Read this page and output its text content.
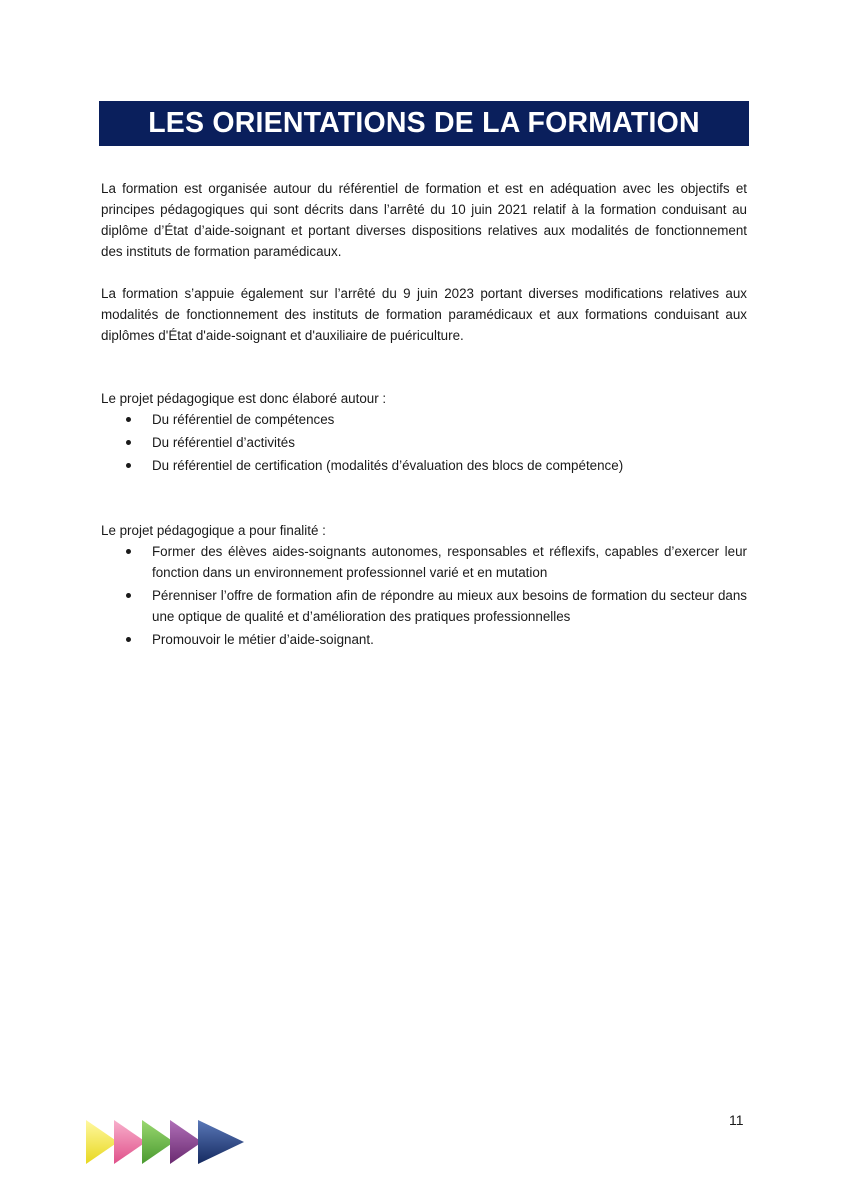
LES ORIENTATIONS DE LA FORMATION

La formation est organisée autour du référentiel de formation et est en adéquation avec les objectifs et principes pédagogiques qui sont décrits dans l’arrêté du 10 juin 2021 relatif à la formation conduisant au diplôme d’État d’aide-soignant et portant diverses dispositions relatives aux modalités de fonctionnement des instituts de formation paramédicaux.

La formation s’appuie également sur l’arrêté du 9 juin 2023 portant diverses modifications relatives aux modalités de fonctionnement des instituts de formation paramédicaux et aux formations conduisant aux diplômes d'État d'aide-soignant et d'auxiliaire de puériculture.

Le projet pédagogique est donc élaboré autour :

Du référentiel de compétences
Du référentiel d’activités
Du référentiel de certification (modalités d’évaluation des blocs de compétence)

Le projet pédagogique a pour finalité :

Former des élèves aides-soignants autonomes, responsables et réflexifs, capables d’exercer leur fonction dans un environnement professionnel varié et en mutation
Pérenniser l’offre de formation afin de répondre au mieux aux besoins de formation du secteur dans une optique de qualité et d’amélioration des pratiques professionnelles
Promouvoir le métier d’aide-soignant.
11
